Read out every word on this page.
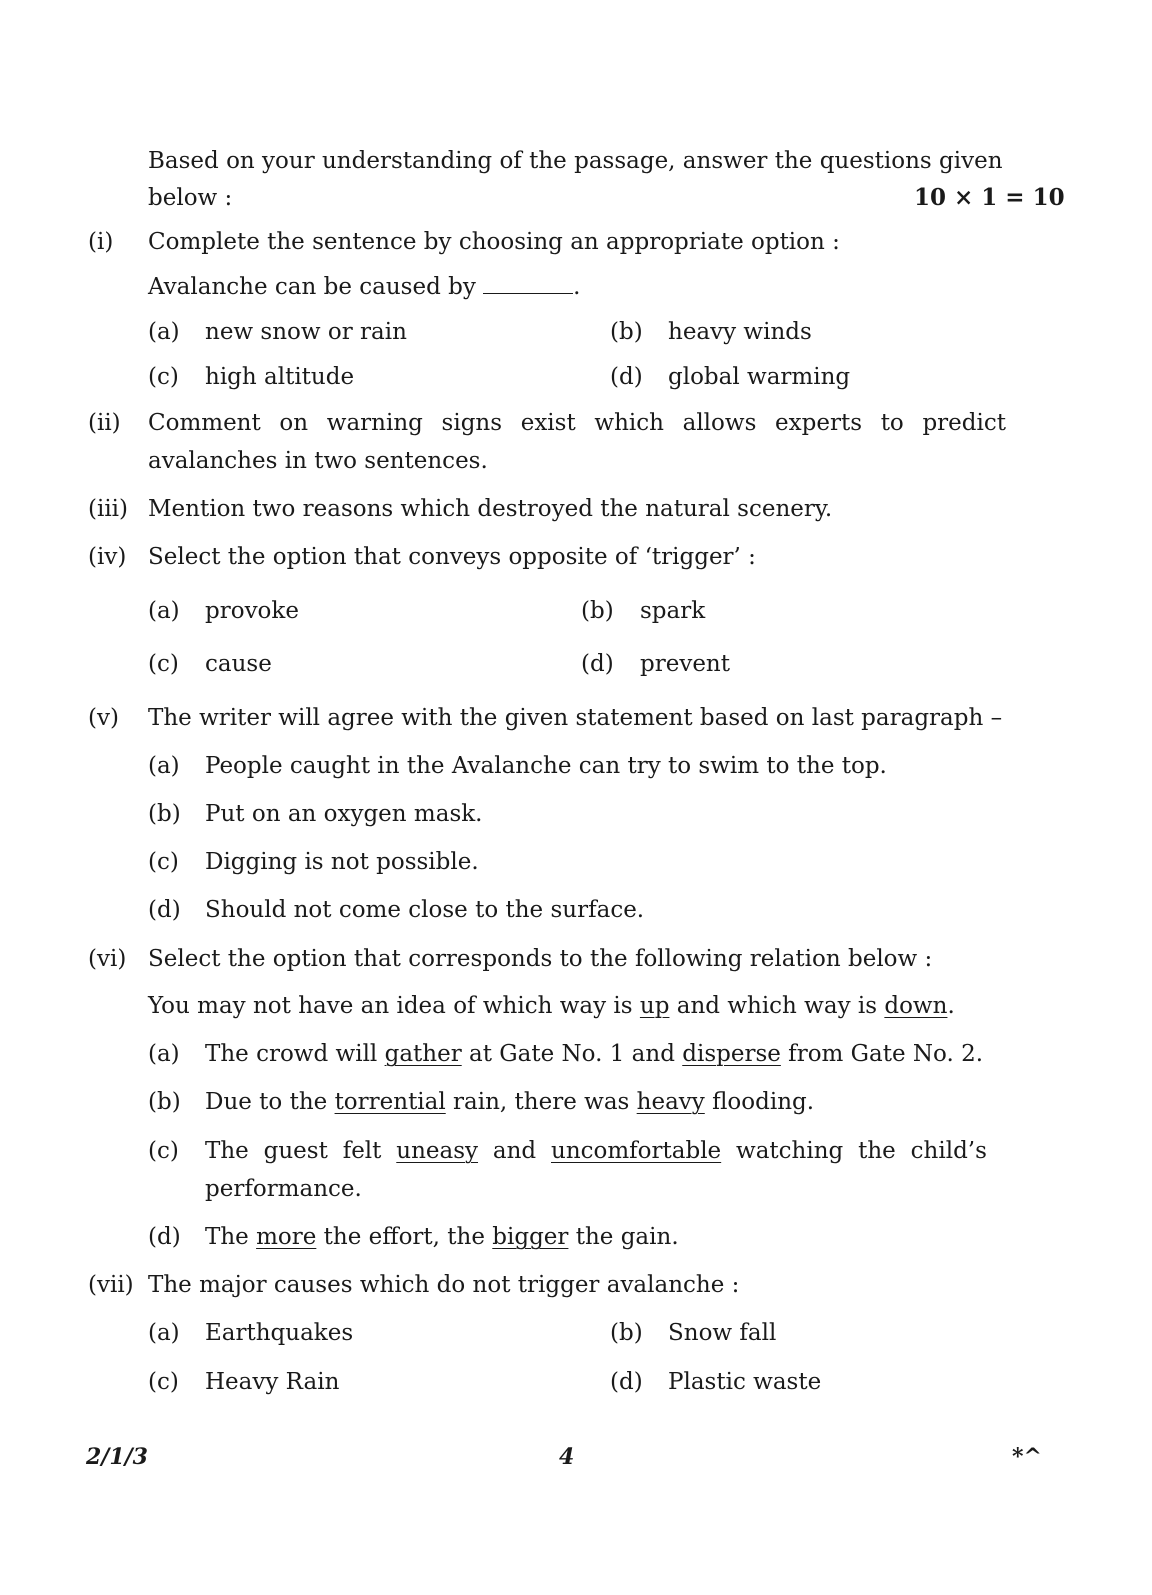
Based on your understanding of the passage, answer the questions given
below :	10 × 1 = 10
(i) Complete the sentence by choosing an appropriate option :
Avalanche can be caused by	.
(a) new snow or rain	(b) heavy winds
(c) high altitude	(d) global warming
(ii) Comment on warning signs exist which allows experts to predict
avalanches in two sentences.
(iii) Mention two reasons which destroyed the natural scenery.
(iv) Select the option that conveys opposite of ‘trigger’ :
(a) provoke	(b) spark
(c) cause	(d) prevent
(v) The writer will agree with the given statement based on last paragraph –
(a) People caught in the Avalanche can try to swim to the top.
(b) Put on an oxygen mask.
(c) Digging is not possible.
(d) Should not come close to the surface.
(vi) Select the option that corresponds to the following relation below :
You may not have an idea of which way is up and which way is down.
(a) The crowd will gather at Gate No. 1 and disperse from Gate No. 2.
(b) Due to the torrential rain, there was heavy flooding.
(c) The guest felt uneasy and uncomfortable watching the child’s
performance.
(d) The more the effort, the bigger the gain.
(vii) The major causes which do not trigger avalanche :
(a) Earthquakes	(b) Snow fall
(c) Heavy Rain	(d) Plastic waste
2/1/3	4	*^
